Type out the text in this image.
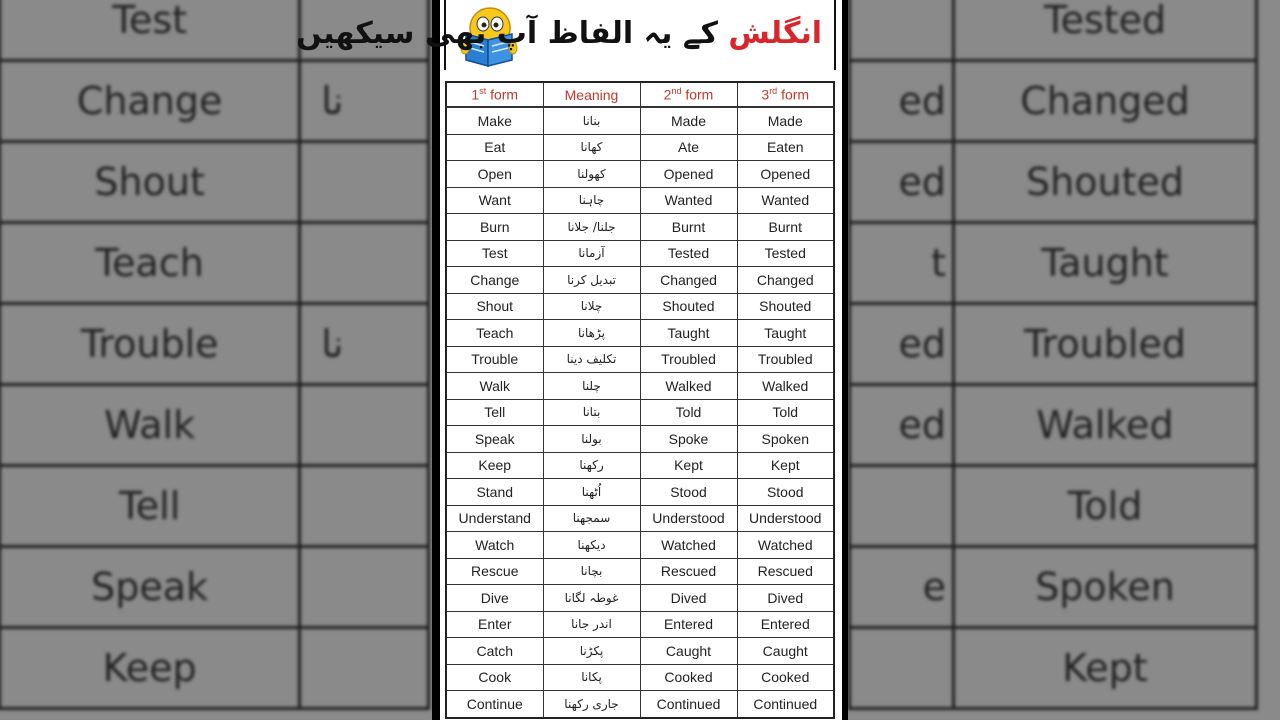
Test	
Change	نا
Shout	
Teach	
Trouble	نا
Walk	
Tell	
Speak	
Keep	
	Tested
ed	Changed
ed	Shouted
t	Taught
ed	Troubled
ed	Walked
	Told
e	Spoken
	Kept
انگلش کے یہ الفاظ آپ بھی سیکھیں
1st form	Meaning	2nd form	3rd form
Make	بنانا	Made	Made
Eat	کھانا	Ate	Eaten
Open	کھولنا	Opened	Opened
Want	چاہنا	Wanted	Wanted
Burn	جلنا/ جلانا	Burnt	Burnt
Test	آزمانا	Tested	Tested
Change	تبدیل کرنا	Changed	Changed
Shout	چلانا	Shouted	Shouted
Teach	پڑھانا	Taught	Taught
Trouble	تکلیف دینا	Troubled	Troubled
Walk	چلنا	Walked	Walked
Tell	بتانا	Told	Told
Speak	بولنا	Spoke	Spoken
Keep	رکھنا	Kept	Kept
Stand	اُٹھنا	Stood	Stood
Understand	سمجھنا	Understood	Understood
Watch	دیکھنا	Watched	Watched
Rescue	بچانا	Rescued	Rescued
Dive	غوطہ لگانا	Dived	Dived
Enter	اندر جانا	Entered	Entered
Catch	پکڑنا	Caught	Caught
Cook	پکانا	Cooked	Cooked
Continue	جاری رکھنا	Continued	Continued
